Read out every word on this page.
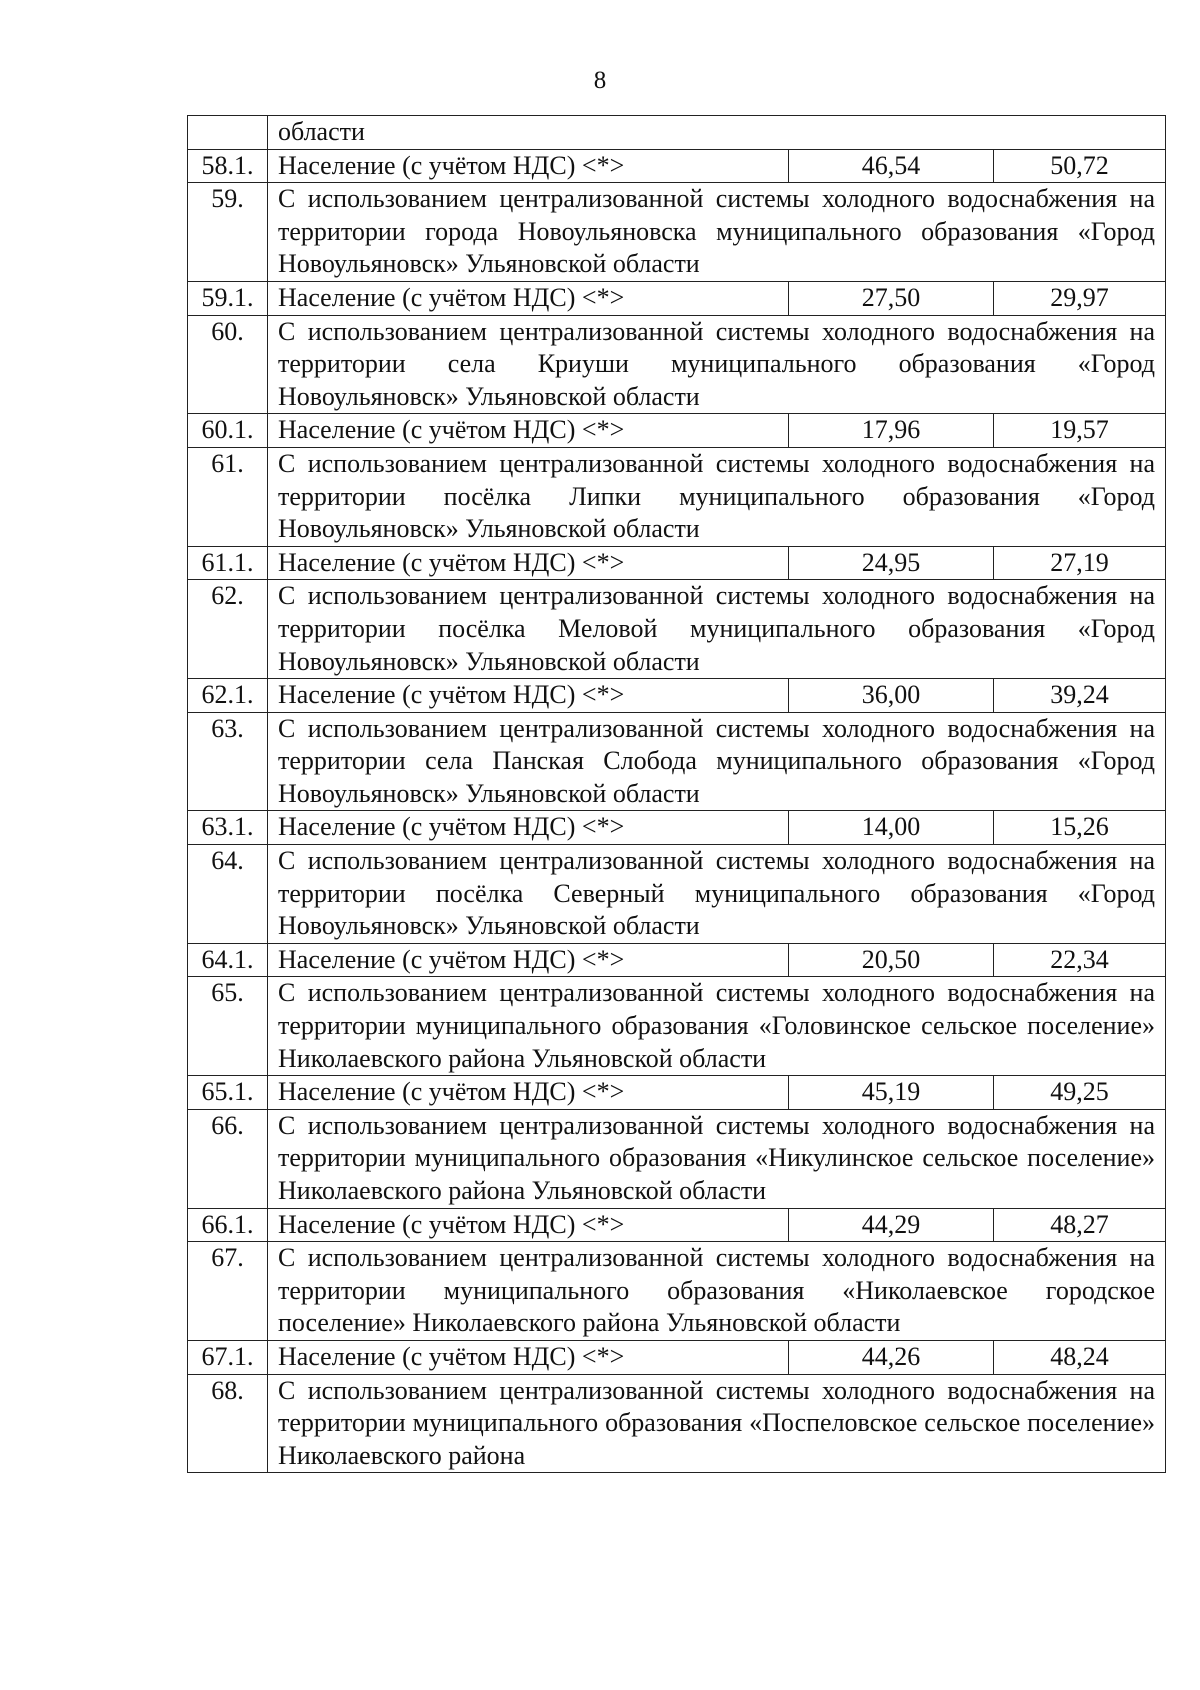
8
	области		
58.1.	Население (с учётом НДС) <*>	46,54	50,72
59.	С использованием централизованной системы холодного водоснабжения на территории города Новоульяновска муниципального образования «Город Новоульяновск» Ульяновской области		
59.1.	Население (с учётом НДС) <*>	27,50	29,97
60.	С использованием централизованной системы холодного водоснабжения на территории села Криуши муниципального образования «Город Новоульяновск» Ульяновской области		
60.1.	Население (с учётом НДС) <*>	17,96	19,57
61.	С использованием централизованной системы холодного водоснабжения на территории посёлка Липки муниципального образования «Город Новоульяновск» Ульяновской области		
61.1.	Население (с учётом НДС) <*>	24,95	27,19
62.	С использованием централизованной системы холодного водоснабжения на территории посёлка Меловой муниципального образования «Город Новоульяновск» Ульяновской области		
62.1.	Население (с учётом НДС) <*>	36,00	39,24
63.	С использованием централизованной системы холодного водоснабжения на территории села Панская Слобода муниципального образования «Город Новоульяновск» Ульяновской области		
63.1.	Население (с учётом НДС) <*>	14,00	15,26
64.	С использованием централизованной системы холодного водоснабжения на территории посёлка Северный муниципального образования «Город Новоульяновск» Ульяновской области		
64.1.	Население (с учётом НДС) <*>	20,50	22,34
65.	С использованием централизованной системы холодного водоснабжения на территории муниципального образования «Головинское сельское поселение» Николаевского района Ульяновской области		
65.1.	Население (с учётом НДС) <*>	45,19	49,25
66.	С использованием централизованной системы холодного водоснабжения на территории муниципального образования «Никулинское сельское поселение» Николаевского района Ульяновской области		
66.1.	Население (с учётом НДС) <*>	44,29	48,27
67.	С использованием централизованной системы холодного водоснабжения на территории муниципального образования «Николаевское городское поселение» Николаевского района Ульяновской области		
67.1.	Население (с учётом НДС) <*>	44,26	48,24
68.	С использованием централизованной системы холодного водоснабжения на территории муниципального образования «Поспеловское сельское поселение» Николаевского района		
